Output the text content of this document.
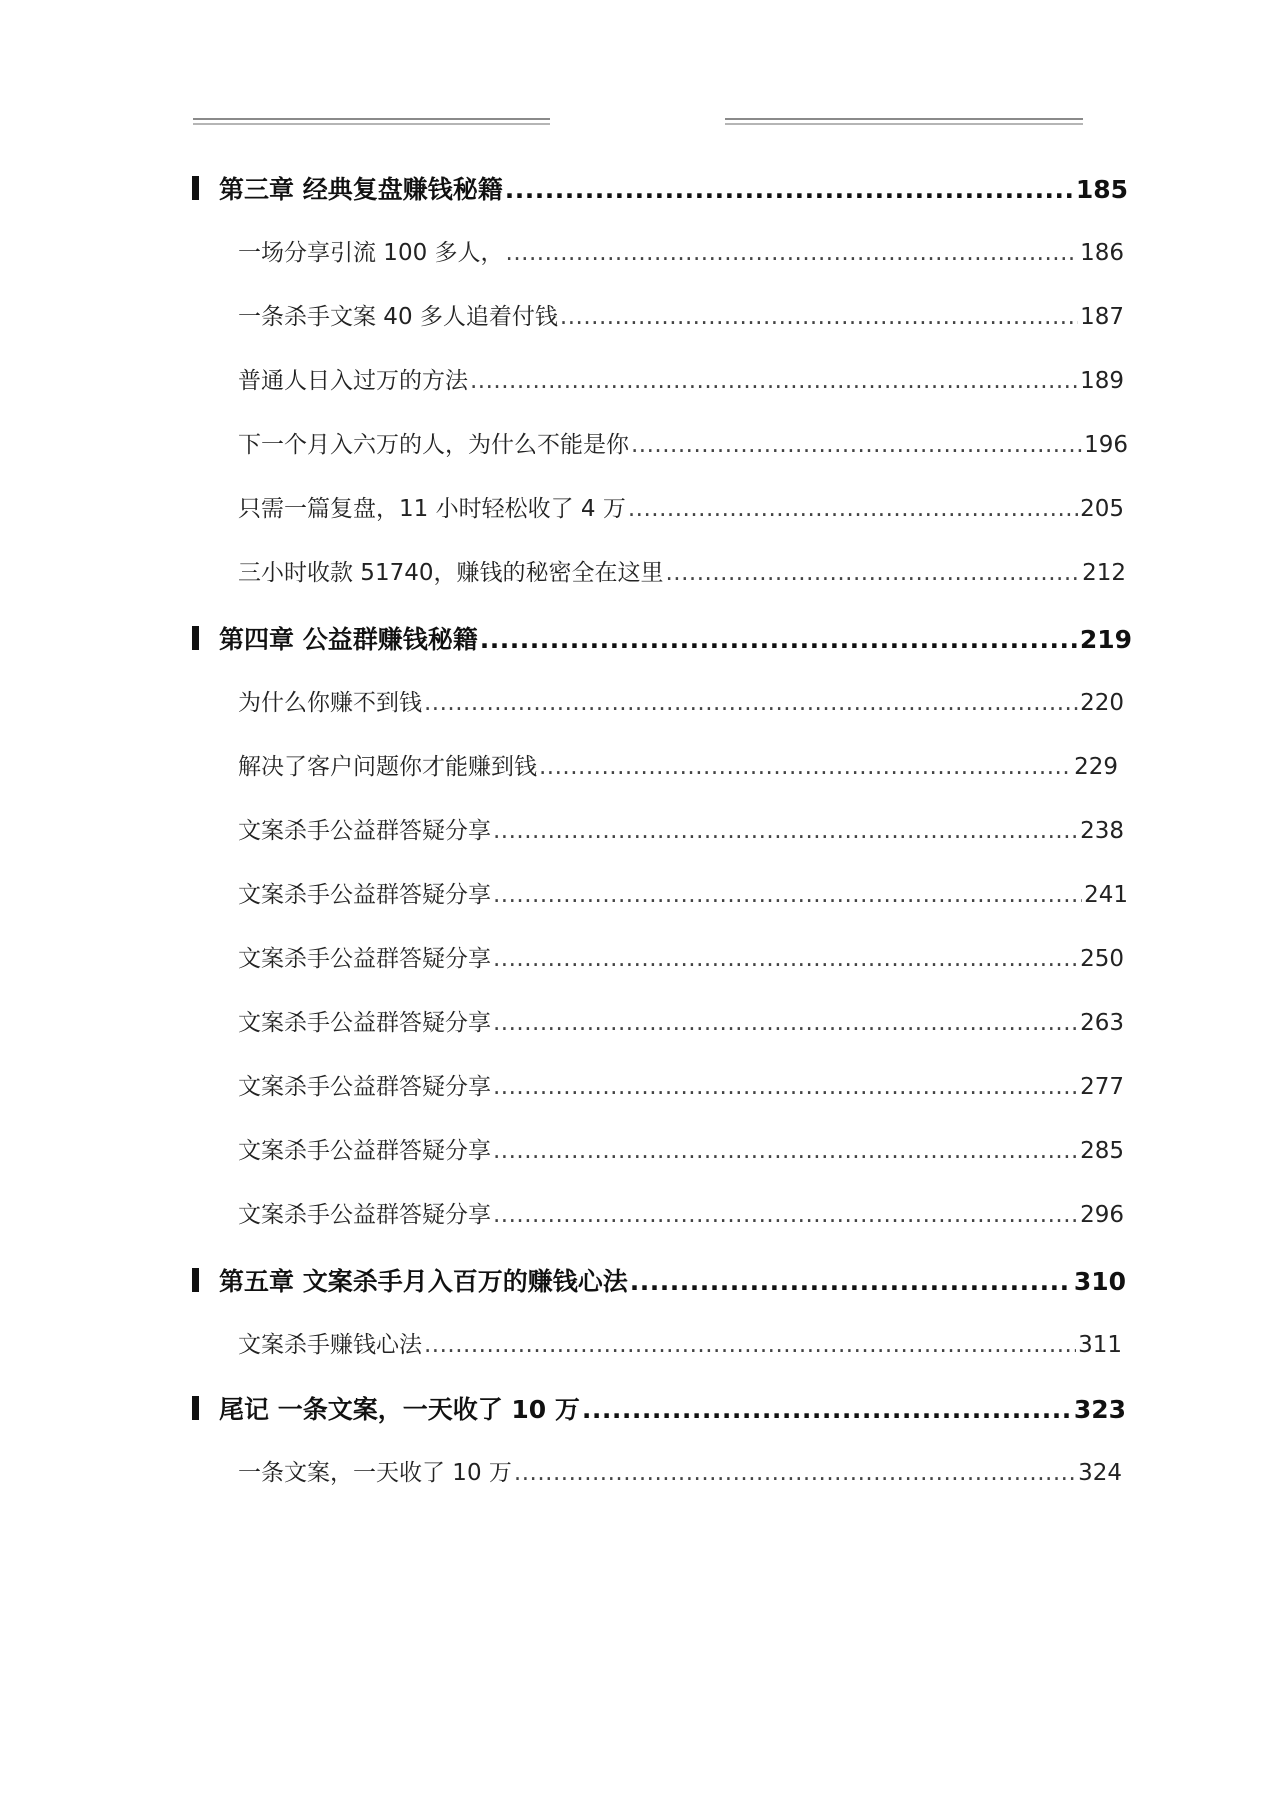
第三章 经典复盘赚钱秘籍 .....	185
一场分享引流 100 多人， .....	186
一条杀手文案 40 多人追着付钱 .....	187
普通人日入过万的方法 .....	189
下一个月入六万的人，为什么不能是你 .....	196
只需一篇复盘，11 小时轻松收了 4 万 .....	205
三小时收款 51740，赚钱的秘密全在这里 .....	212
第四章 公益群赚钱秘籍 .....	219
为什么你赚不到钱 .....	220
解决了客户问题你才能赚到钱 .....	229
文案杀手公益群答疑分享 .....	238
文案杀手公益群答疑分享 .....	241
文案杀手公益群答疑分享 .....	250
文案杀手公益群答疑分享 .....	263
文案杀手公益群答疑分享 .....	277
文案杀手公益群答疑分享 .....	285
文案杀手公益群答疑分享 .....	296
第五章 文案杀手月入百万的赚钱心法 .....	310
文案杀手赚钱心法 .....	311
尾记 一条文案，一天收了 10 万 .....	323
一条文案，一天收了 10 万 .....	324
